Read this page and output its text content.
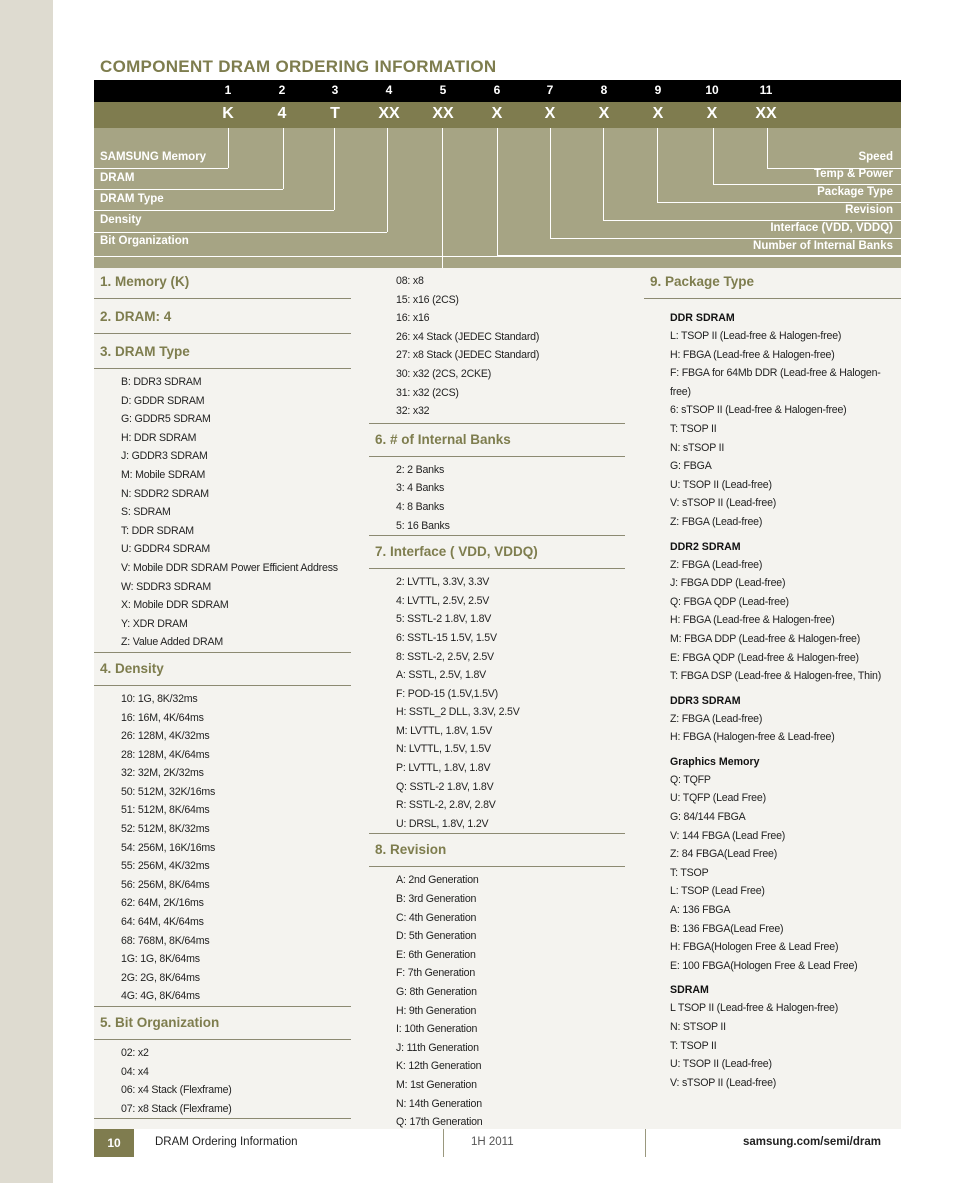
COMPONENT DRAM ORDERING INFORMATION
1	2	3	4	5	6	7	8	9	10	11
K	4	T	XX	XX	X	X	X	X	X	XX
SAMSUNG Memory
DRAM
DRAM Type
Density
Bit Organization
Speed
Temp & Power
Package Type
Revision
Interface (VDD, VDDQ)
Number of Internal Banks
1. Memory (K)
2. DRAM: 4
3. DRAM Type
B: DDR3 SDRAM
D: GDDR SDRAM
G: GDDR5 SDRAM
H: DDR SDRAM
J: GDDR3 SDRAM
M: Mobile SDRAM
N: SDDR2 SDRAM
S: SDRAM
T: DDR SDRAM
U: GDDR4 SDRAM
V: Mobile DDR SDRAM Power Efficient Address
W: SDDR3 SDRAM
X: Mobile DDR SDRAM
Y: XDR DRAM
Z: Value Added DRAM
4. Density
10: 1G, 8K/32ms
16: 16M, 4K/64ms
26: 128M, 4K/32ms
28: 128M, 4K/64ms
32: 32M, 2K/32ms
50: 512M, 32K/16ms
51: 512M, 8K/64ms
52: 512M, 8K/32ms
54: 256M, 16K/16ms
55: 256M, 4K/32ms
56: 256M, 8K/64ms
62: 64M, 2K/16ms
64: 64M, 4K/64ms
68: 768M, 8K/64ms
1G: 1G, 8K/64ms
2G: 2G, 8K/64ms
4G: 4G, 8K/64ms
5. Bit Organization
02: x2
04: x4
06: x4 Stack (Flexframe)
07: x8 Stack (Flexframe)
08: x8
15: x16 (2CS)
16: x16
26: x4 Stack (JEDEC Standard)
27: x8 Stack (JEDEC Standard)
30: x32 (2CS, 2CKE)
31: x32 (2CS)
32: x32
6. # of Internal Banks
2: 2 Banks
3: 4 Banks
4: 8 Banks
5: 16 Banks
7. Interface ( VDD, VDDQ)
2: LVTTL, 3.3V, 3.3V
4: LVTTL, 2.5V, 2.5V
5: SSTL-2 1.8V, 1.8V
6: SSTL-15 1.5V, 1.5V
8: SSTL-2, 2.5V, 2.5V
A: SSTL, 2.5V, 1.8V
F: POD-15 (1.5V,1.5V)
H: SSTL_2 DLL, 3.3V, 2.5V
M: LVTTL, 1.8V, 1.5V
N: LVTTL, 1.5V, 1.5V
P: LVTTL, 1.8V, 1.8V
Q: SSTL-2 1.8V, 1.8V
R: SSTL-2, 2.8V, 2.8V
U: DRSL, 1.8V, 1.2V
8. Revision
A: 2nd Generation
B: 3rd Generation
C: 4th Generation
D: 5th Generation
E: 6th Generation
F: 7th Generation
G: 8th Generation
H: 9th Generation
I: 10th Generation
J: 11th Generation
K: 12th Generation
M: 1st Generation
N: 14th Generation
Q: 17th Generation
9. Package Type
DDR SDRAM
L: TSOP II (Lead-free & Halogen-free)
H: FBGA (Lead-free & Halogen-free)
F: FBGA for 64Mb DDR (Lead-free & Halogen-free)
6: sTSOP II (Lead-free & Halogen-free)
T: TSOP II
N: sTSOP II
G: FBGA
U: TSOP II (Lead-free)
V: sTSOP II (Lead-free)
Z: FBGA (Lead-free)
DDR2 SDRAM
Z: FBGA (Lead-free)
J: FBGA DDP (Lead-free)
Q: FBGA QDP (Lead-free)
H: FBGA (Lead-free & Halogen-free)
M: FBGA DDP (Lead-free & Halogen-free)
E: FBGA QDP (Lead-free & Halogen-free)
T: FBGA DSP (Lead-free & Halogen-free, Thin)
DDR3 SDRAM
Z: FBGA (Lead-free)
H: FBGA (Halogen-free & Lead-free)
Graphics Memory
Q: TQFP
U: TQFP (Lead Free)
G: 84/144 FBGA
V: 144 FBGA (Lead Free)
Z: 84 FBGA(Lead Free)
T: TSOP
L: TSOP (Lead Free)
A: 136 FBGA
B: 136 FBGA(Lead Free)
H: FBGA(Hologen Free & Lead Free)
E: 100 FBGA(Hologen Free & Lead Free)
SDRAM
L TSOP II (Lead-free & Halogen-free)
N: STSOP II
T: TSOP II
U: TSOP II (Lead-free)
V: sTSOP II (Lead-free)
10	DRAM Ordering Information	1H 2011	samsung.com/semi/dram
